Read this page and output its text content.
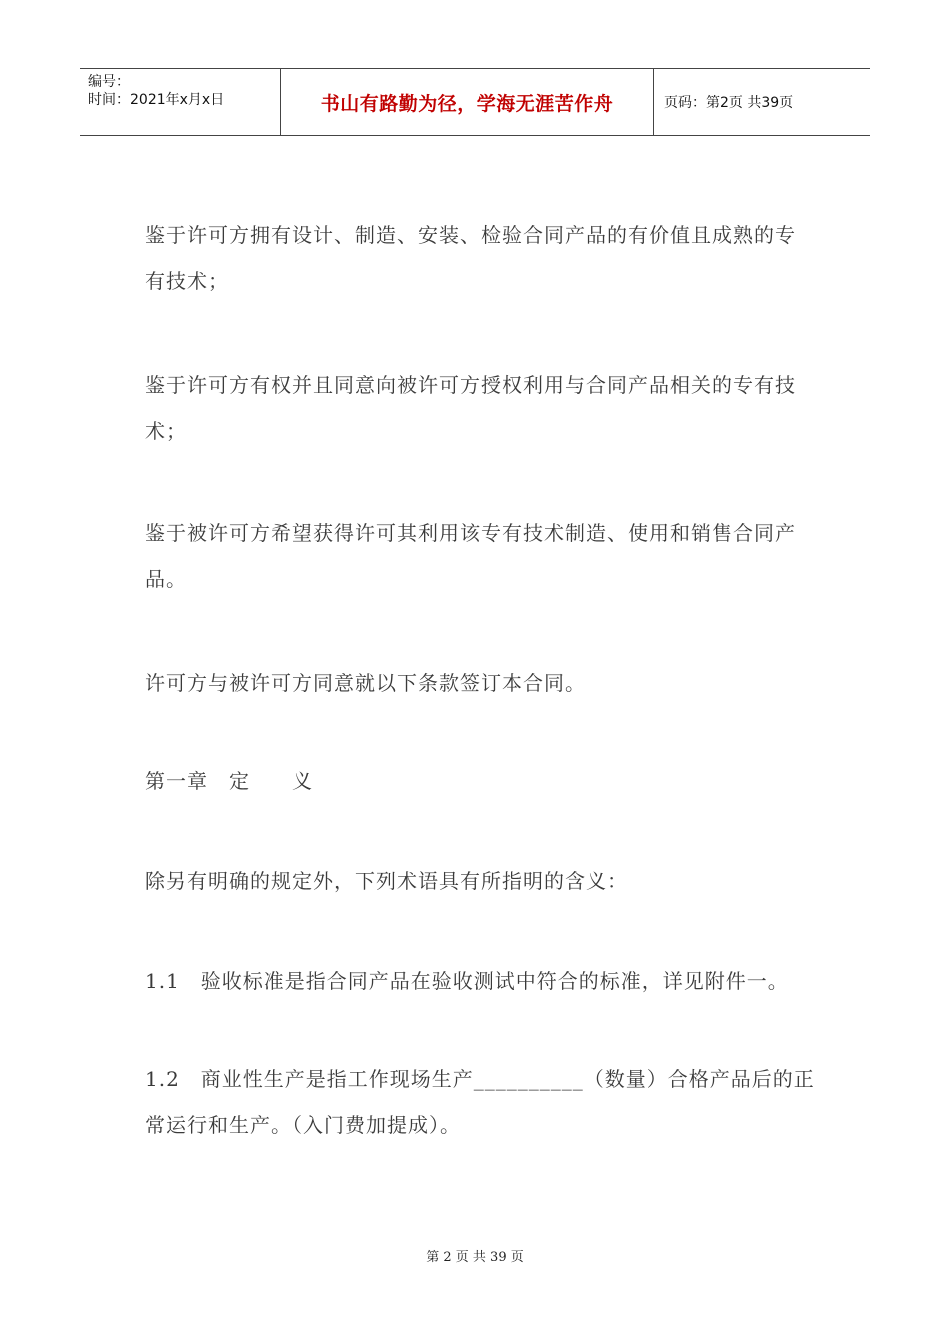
编号：
时间：2021年x月x日	书山有路勤为径，学海无涯苦作舟	页码：第2页 共39页

鉴于许可方拥有设计、制造、安装、检验合同产品的有价值且成熟的专有技术；

鉴于许可方有权并且同意向被许可方授权利用与合同产品相关的专有技术；

鉴于被许可方希望获得许可其利用该专有技术制造、使用和销售合同产品。

许可方与被许可方同意就以下条款签订本合同。

第一章　定　　义

除另有明确的规定外，下列术语具有所指明的含义：

1.1　验收标准是指合同产品在验收测试中符合的标准，详见附件一。

1.2　商业性生产是指工作现场生产__________（数量）合格产品后的正常运行和生产。（入门费加提成）。

第 2 页 共 39 页
